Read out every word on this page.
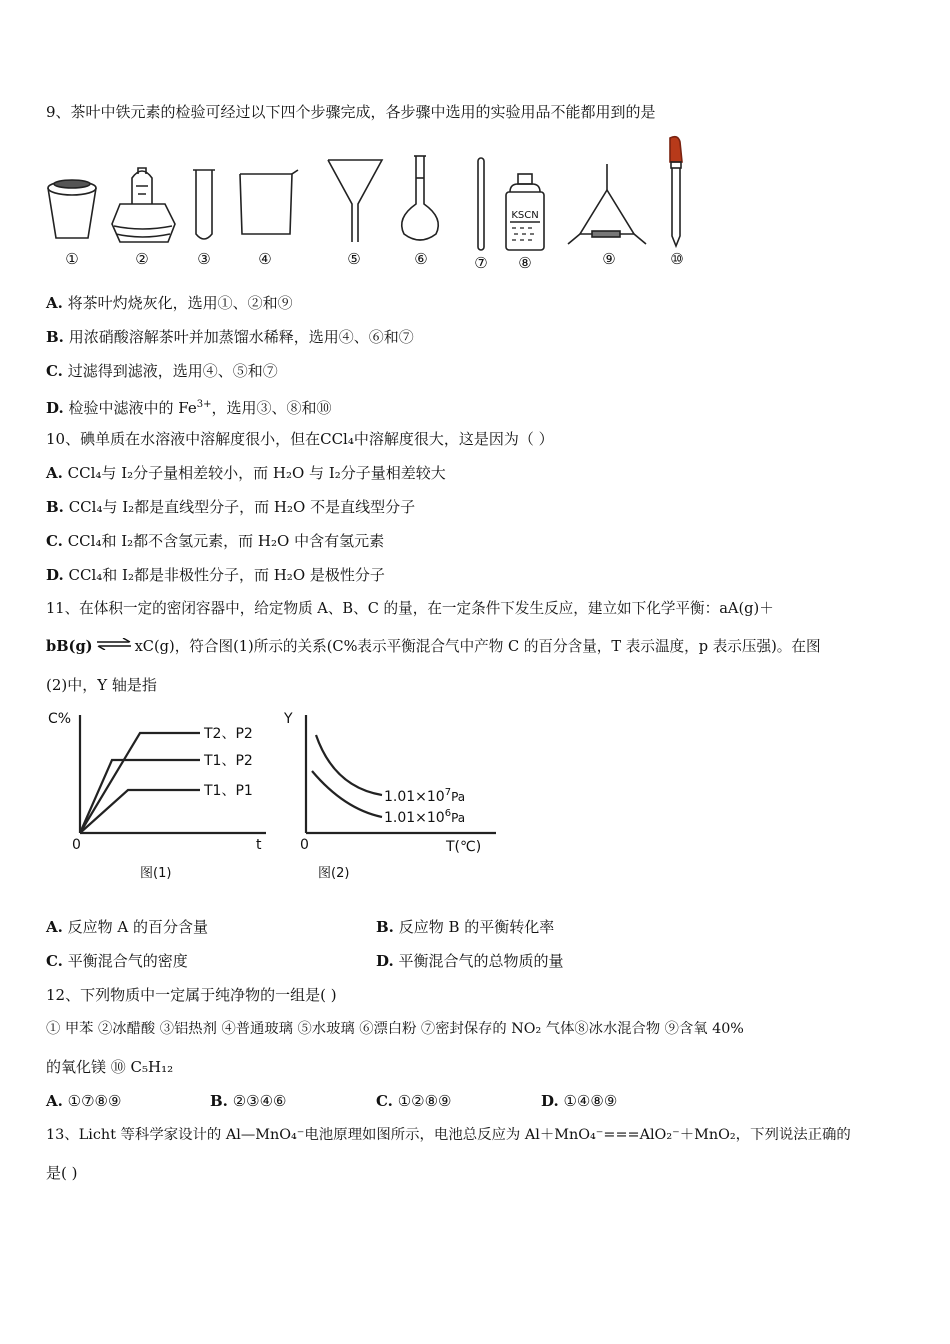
9、茶叶中铁元素的检验可经过以下四个步骤完成，各步骤中选用的实验用品不能都用到的是
KSCN
①	②	③	④	⑤	⑥	⑦ ⑧	⑨	⑩
A. 将茶叶灼烧灰化，选用①、②和⑨
B. 用浓硝酸溶解茶叶并加蒸馏水稀释，选用④、⑥和⑦
C. 过滤得到滤液，选用④、⑤和⑦
D. 检验中滤液中的 $Fe^{3+}$，选用③、⑧和⑩
10、碘单质在水溶液中溶解度很小，但在CCl₄中溶解度很大，这是因为（ ）
A. CCl₄与 I₂分子量相差较小，而 H₂O 与 I₂分子量相差较大
B. CCl₄与 I₂都是直线型分子，而 H₂O 不是直线型分子
C. CCl₄和 I₂都不含氢元素，而 H₂O 中含有氢元素
D. CCl₄和 I₂都是非极性分子，而 H₂O 是极性分子
11、在体积一定的密闭容器中，给定物质 A、B、C 的量，在一定条件下发生反应，建立如下化学平衡：aA(g)＋
bB(g) ⇌ xC(g)，符合图(1)所示的关系(C%表示平衡混合气中产物 C 的百分含量，T 表示温度，p 表示压强)。在图
(2)中，Y 轴是指
C%
0	t
T2、P2
T1、P2
T1、P1
图(1)
Y
0	T(℃)
$1.01\times 10^7Pa$
$1.01\times 10^6Pa$
图(2)
A. 反应物 A 的百分含量	B. 反应物 B 的平衡转化率
C. 平衡混合气的密度	D. 平衡混合气的总物质的量
12、下列物质中一定属于纯净物的一组是( )
① 甲苯 ②冰醋酸 ③铝热剂 ④普通玻璃 ⑤水玻璃 ⑥漂白粉 ⑦密封保存的 NO₂ 气体⑧冰水混合物 ⑨含氧 40%
的氧化镁 ⑩ C₅H₁₂
A. ①⑦⑧⑨	B. ②③④⑥	C. ①②⑧⑨	D. ①④⑧⑨
13、Licht 等科学家设计的 Al—MnO₄⁻电池原理如图所示，电池总反应为 Al＋MnO₄⁻===AlO₂⁻＋MnO₂，下列说法正确的
是( )
